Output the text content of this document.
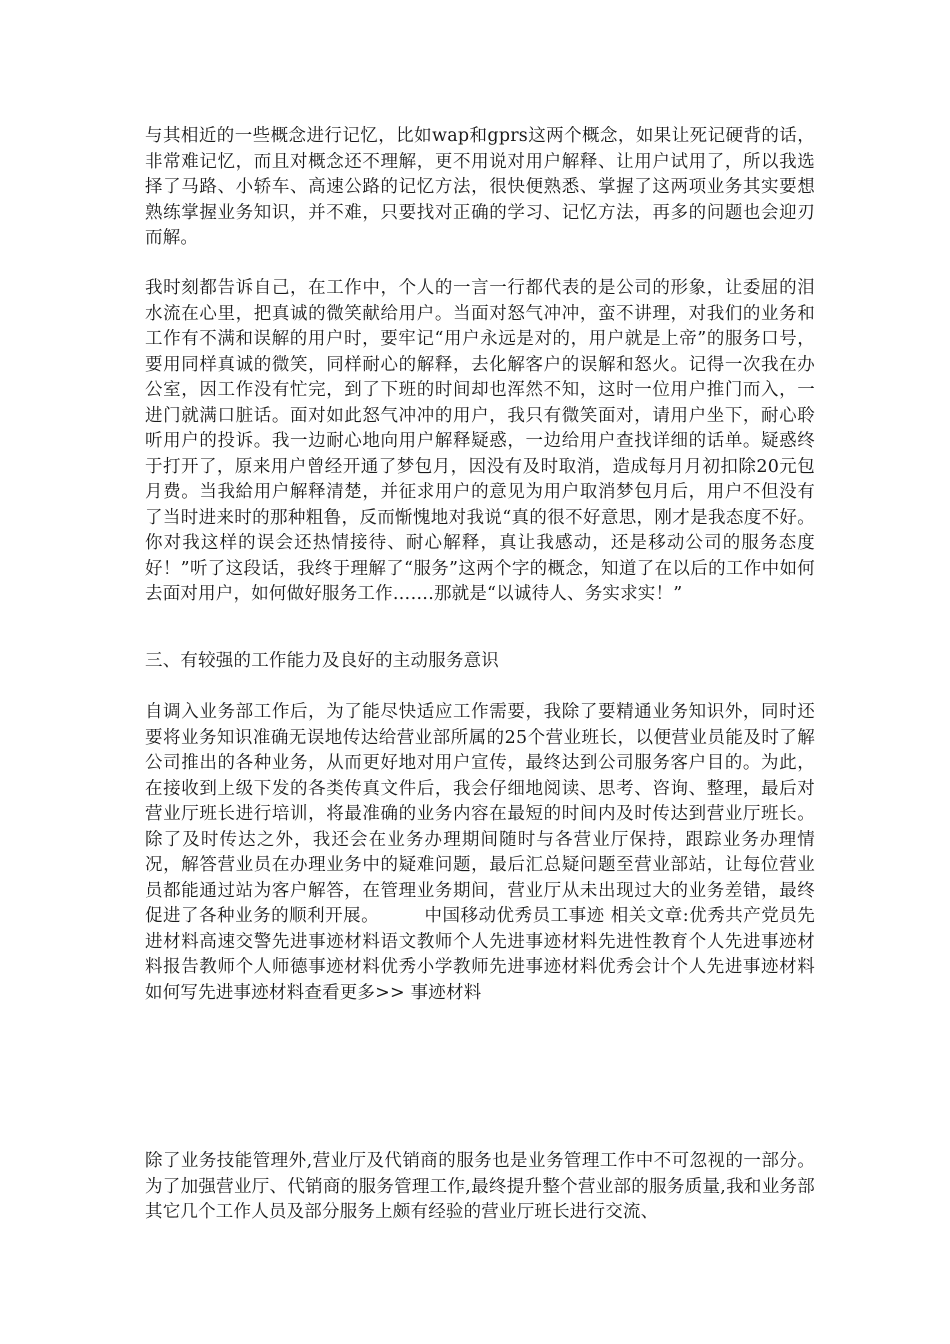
与其相近的一些概念进行记忆，比如wap和gprs这两个概念，如果让死记硬背的话，非常难记忆，而且对概念还不理解，更不用说对用户解释、让用户试用了，所以我选择了马路、小轿车、高速公路的记忆方法，很快便熟悉、掌握了这两项业务其实要想熟练掌握业务知识，并不难，只要找对正确的学习、记忆方法，再多的问题也会迎刃而解。

我时刻都告诉自己，在工作中，个人的一言一行都代表的是公司的形象，让委屈的泪水流在心里，把真诚的微笑献给用户。当面对怒气冲冲，蛮不讲理，对我们的业务和工作有不满和误解的用户时，要牢记“用户永远是对的，用户就是上帝”的服务口号，要用同样真诚的微笑，同样耐心的解释，去化解客户的误解和怒火。记得一次我在办公室，因工作没有忙完，到了下班的时间却也浑然不知，这时一位用户推门而入，一进门就满口脏话。面对如此怒气冲冲的用户，我只有微笑面对，请用户坐下，耐心聆听用户的投诉。我一边耐心地向用户解释疑惑，一边给用户查找详细的话单。疑惑终于打开了，原来用户曾经开通了梦包月，因没有及时取消，造成每月月初扣除20元包月费。当我給用户解释清楚，并征求用户的意见为用户取消梦包月后，用户不但没有了当时进来时的那种粗鲁，反而惭愧地对我说“真的很不好意思，刚才是我态度不好。你对我这样的误会还热情接待、耐心解释，真让我感动，还是移动公司的服务态度好！”听了这段话，我终于理解了“服务”这两个字的概念，知道了在以后的工作中如何去面对用户，如何做好服务工作…….那就是“以诚待人、务实求实！”

三、有较强的工作能力及良好的主动服务意识

自调入业务部工作后，为了能尽快适应工作需要，我除了要精通业务知识外，同时还要将业务知识准确无误地传达给营业部所属的25个营业班长，以便营业员能及时了解公司推出的各种业务，从而更好地对用户宣传，最终达到公司服务客户目的。为此，在接收到上级下发的各类传真文件后，我会仔细地阅读、思考、咨询、整理，最后对营业厅班长进行培训，将最准确的业务内容在最短的时间内及时传达到营业厅班长。除了及时传达之外，我还会在业务办理期间随时与各营业厅保持，跟踪业务办理情况，解答营业员在办理业务中的疑难问题，最后汇总疑问题至营业部站，让每位营业员都能通过站为客户解答，在管理业务期间，营业厅从未出现过大的业务差错，最终促进了各种业务的顺利开展。　　　中国移动优秀员工事迹 相关文章:优秀共产党员先进材料高速交警先进事迹材料语文教师个人先进事迹材料先进性教育个人先进事迹材料报告教师个人师德事迹材料优秀小学教师先进事迹材料优秀会计个人先进事迹材料如何写先进事迹材料查看更多>> 事迹材料

除了业务技能管理外,营业厅及代销商的服务也是业务管理工作中不可忽视的一部分。为了加强营业厅、代销商的服务管理工作,最终提升整个营业部的服务质量,我和业务部其它几个工作人员及部分服务上颇有经验的营业厅班长进行交流、
